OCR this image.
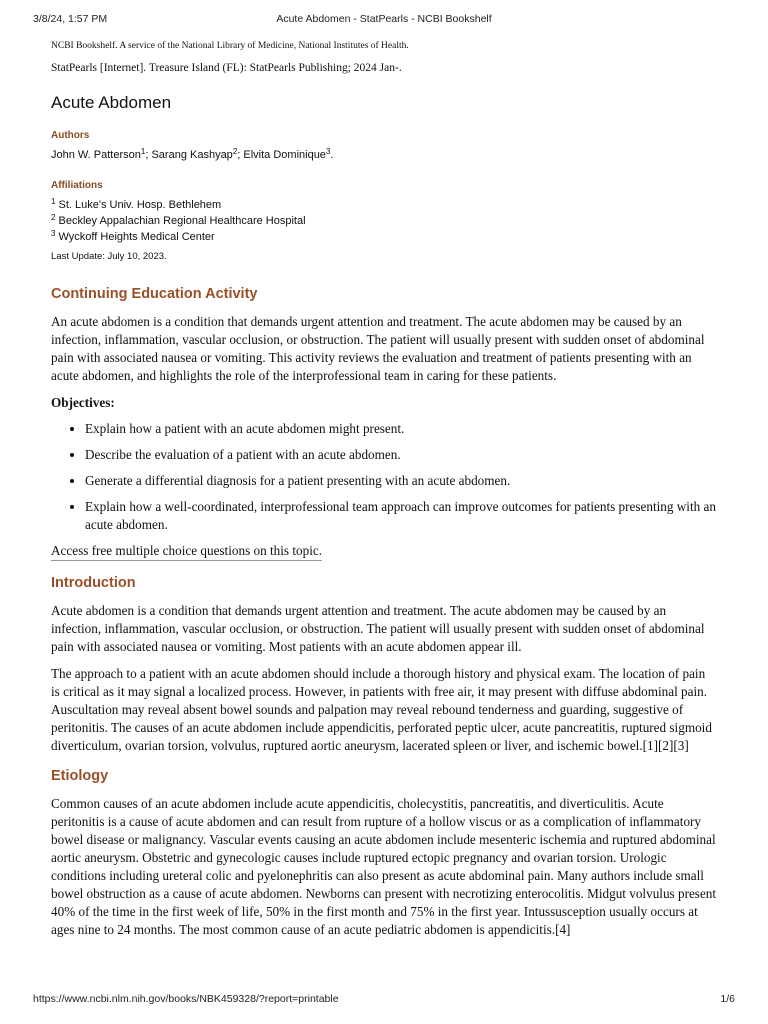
3/8/24, 1:57 PM	Acute Abdomen - StatPearls - NCBI Bookshelf
NCBI Bookshelf. A service of the National Library of Medicine, National Institutes of Health.
StatPearls [Internet]. Treasure Island (FL): StatPearls Publishing; 2024 Jan-.
Acute Abdomen
Authors
John W. Patterson$^1$; Sarang Kashyap$^2$; Elvita Dominique$^3$.
Affiliations
$^1$ St. Luke's Univ. Hosp. Bethlehem
$^2$ Beckley Appalachian Regional Healthcare Hospital
$^3$ Wyckoff Heights Medical Center
Last Update: July 10, 2023.
Continuing Education Activity

An acute abdomen is a condition that demands urgent attention and treatment. The acute abdomen may be caused by an infection, inflammation, vascular occlusion, or obstruction. The patient will usually present with sudden onset of abdominal pain with associated nausea or vomiting. This activity reviews the evaluation and treatment of patients presenting with an acute abdomen, and highlights the role of the interprofessional team in caring for these patients.

Objectives:

• Explain how a patient with an acute abdomen might present.
• Describe the evaluation of a patient with an acute abdomen.
• Generate a differential diagnosis for a patient presenting with an acute abdomen.
• Explain how a well-coordinated, interprofessional team approach can improve outcomes for patients presenting with an acute abdomen.
Access free multiple choice questions on this topic.
Introduction

Acute abdomen is a condition that demands urgent attention and treatment. The acute abdomen may be caused by an infection, inflammation, vascular occlusion, or obstruction. The patient will usually present with sudden onset of abdominal pain with associated nausea or vomiting. Most patients with an acute abdomen appear ill.

The approach to a patient with an acute abdomen should include a thorough history and physical exam. The location of pain is critical as it may signal a localized process. However, in patients with free air, it may present with diffuse abdominal pain. Auscultation may reveal absent bowel sounds and palpation may reveal rebound tenderness and guarding, suggestive of peritonitis. The causes of an acute abdomen include appendicitis, perforated peptic ulcer, acute pancreatitis, ruptured sigmoid diverticulum, ovarian torsion, volvulus, ruptured aortic aneurysm, lacerated spleen or liver, and ischemic bowel.[1][2][3]

Etiology

Common causes of an acute abdomen include acute appendicitis, cholecystitis, pancreatitis, and diverticulitis. Acute peritonitis is a cause of acute abdomen and can result from rupture of a hollow viscus or as a complication of inflammatory bowel disease or malignancy. Vascular events causing an acute abdomen include mesenteric ischemia and ruptured abdominal aortic aneurysm. Obstetric and gynecologic causes include ruptured ectopic pregnancy and ovarian torsion. Urologic conditions including ureteral colic and pyelonephritis can also present as acute abdominal pain. Many authors include small bowel obstruction as a cause of acute abdomen. Newborns can present with necrotizing enterocolitis. Midgut volvulus present 40% of the time in the first week of life, 50% in the first month and 75% in the first year. Intussusception usually occurs at ages nine to 24 months. The most common cause of an acute pediatric abdomen is appendicitis.[4]

https://www.ncbi.nlm.nih.gov/books/NBK459328/?report=printable	1/6
